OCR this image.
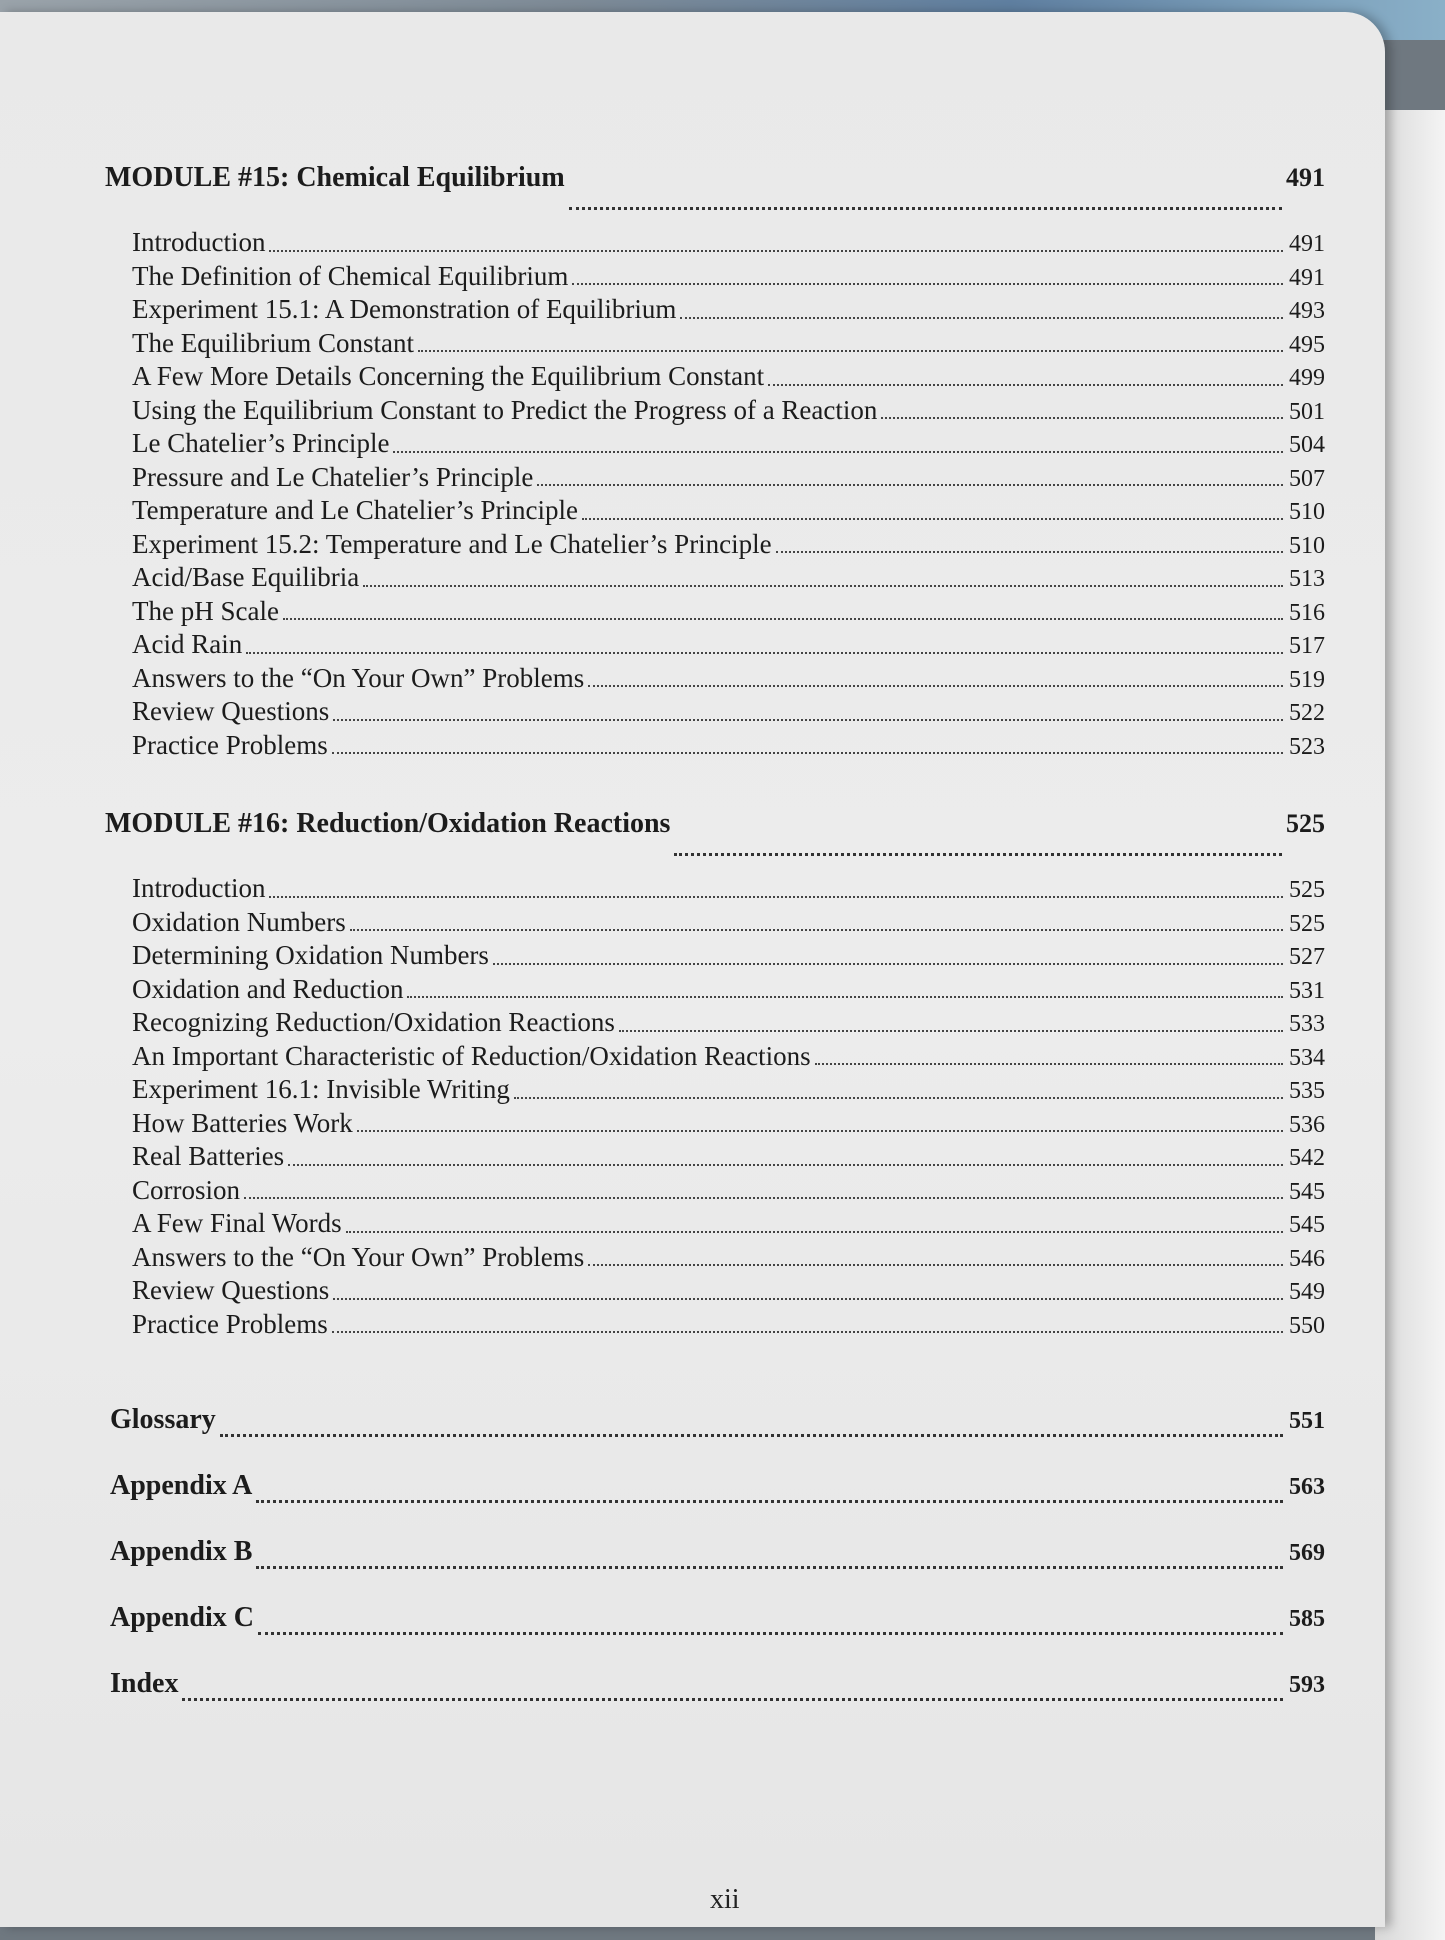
MODULE #15: Chemical Equilibrium	491
Introduction	491
The Definition of Chemical Equilibrium	491
Experiment 15.1: A Demonstration of Equilibrium	493
The Equilibrium Constant	495
A Few More Details Concerning the Equilibrium Constant	499
Using the Equilibrium Constant to Predict the Progress of a Reaction	501
Le Chatelier’s Principle	504
Pressure and Le Chatelier’s Principle	507
Temperature and Le Chatelier’s Principle	510
Experiment 15.2: Temperature and Le Chatelier’s Principle	510
Acid/Base Equilibria	513
The pH Scale	516
Acid Rain	517
Answers to the “On Your Own” Problems	519
Review Questions	522
Practice Problems	523
MODULE #16: Reduction/Oxidation Reactions	525
Introduction	525
Oxidation Numbers	525
Determining Oxidation Numbers	527
Oxidation and Reduction	531
Recognizing Reduction/Oxidation Reactions	533
An Important Characteristic of Reduction/Oxidation Reactions	534
Experiment 16.1: Invisible Writing	535
How Batteries Work	536
Real Batteries	542
Corrosion	545
A Few Final Words	545
Answers to the “On Your Own” Problems	546
Review Questions	549
Practice Problems	550
Glossary	551
Appendix A	563
Appendix B	569
Appendix C	585
Index	593
xii
